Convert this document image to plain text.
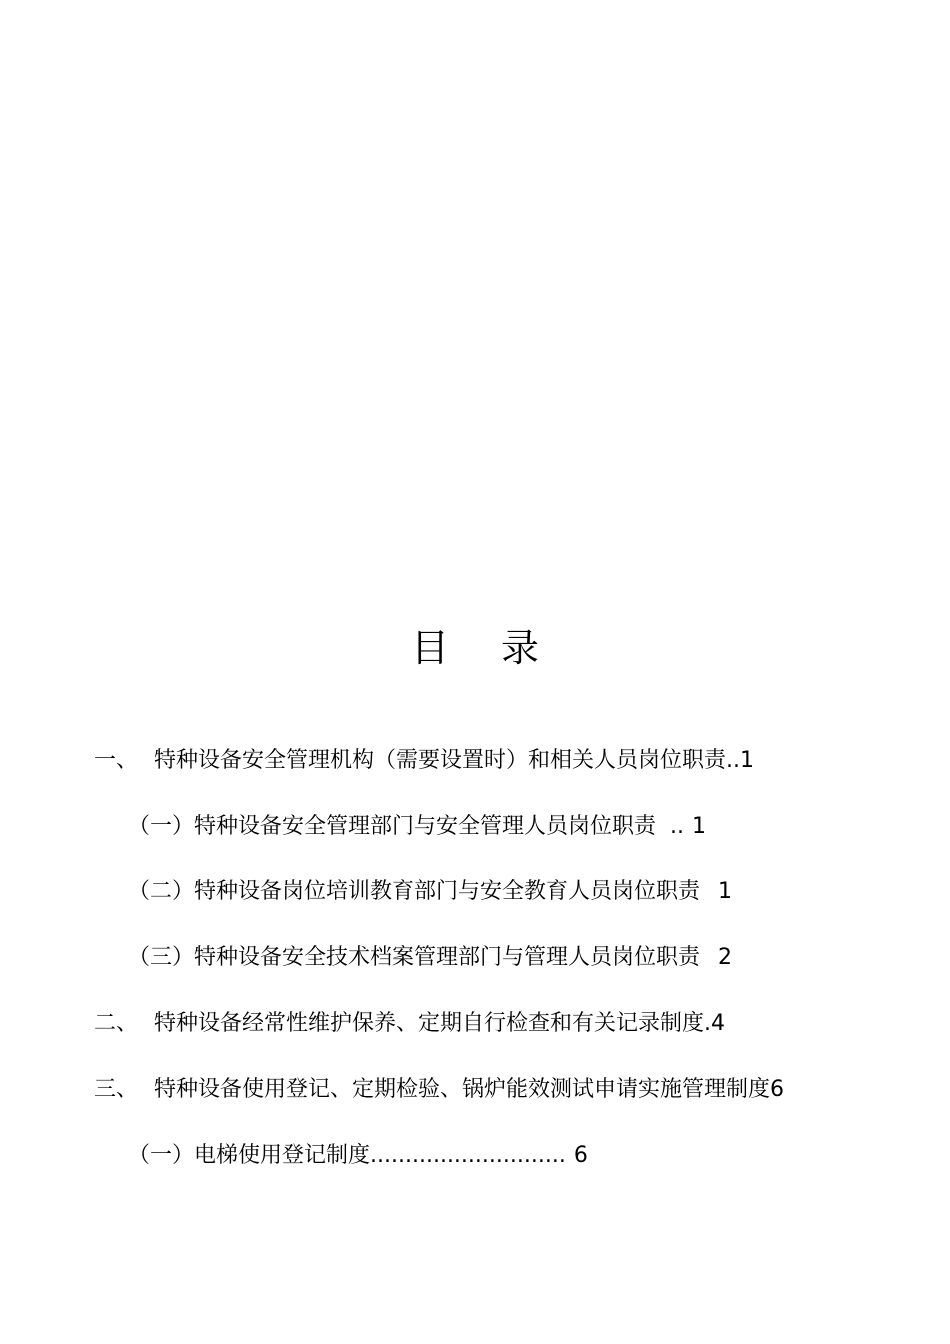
目 录
一、 特种设备安全管理机构（需要设置时）和相关人员岗位职责..1
（一）特种设备安全管理部门与安全管理人员岗位职责..1
（二）特种设备岗位培训教育部门与安全教育人员岗位职责 1
（三）特种设备安全技术档案管理部门与管理人员岗位职责 2
二、 特种设备经常性维护保养、定期自行检查和有关记录制度.4
三、 特种设备使用登记、定期检验、锅炉能效测试申请实施管理制度6
（一）电梯使用登记制度............................6
